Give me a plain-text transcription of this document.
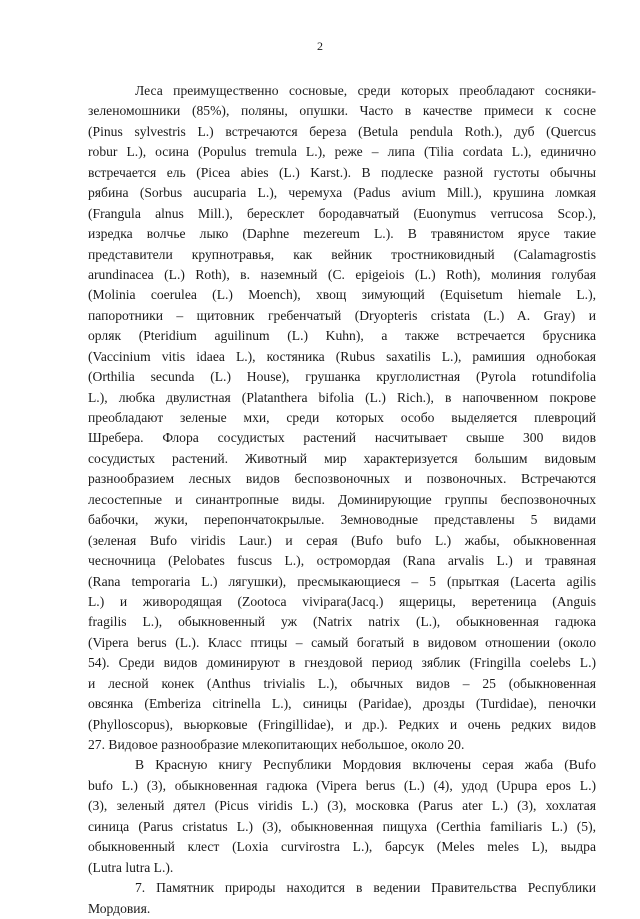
2
Леса преимущественно сосновые, среди которых преобладают сосняки-
зеленомошники (85%), поляны, опушки. Часто в качестве примеси к сосне
(Pinus sylvestris L.) встречаются береза (Betula pendula Roth.), дуб (Quercus
robur L.), осина (Populus tremula L.), реже – липа (Tilia cordata L.), единично
встречается ель (Picea abies (L.) Karst.). В подлеске разной густоты обычны
рябина (Sorbus aucuparia L.), черемуха (Padus avium Mill.), крушина ломкая
(Frangula alnus Mill.), бересклет бородавчатый (Euonymus verrucosa Scop.),
изредка волчье лыко (Daphne mezereum L.). В травянистом ярусе такие
представители крупнотравья, как вейник тростниковидный (Calamagrostis
arundinacea (L.) Roth), в. наземный (C. epigeiois (L.) Roth), молиния голубая
(Molinia coerulea (L.) Moench), хвощ зимующий (Equisetum hiemale L.),
папоротники – щитовник гребенчатый (Dryopteris cristata (L.) A. Gray) и
орляк (Pteridium aguilinum (L.) Kuhn), а также встречается брусника
(Vaccinium vitis idaea L.), костяника (Rubus saxatilis L.), рамишия однобокая
(Orthilia secunda (L.) House), грушанка круглолистная (Pyrola rotundifolia
L.), любка двулистная (Platanthera bifolia (L.) Rich.), в напочвенном покрове
преобладают зеленые мхи, среди которых особо выделяется плевроций
Шребера. Флора сосудистых растений насчитывает свыше 300 видов
сосудистых растений. Животный мир характеризуется большим видовым
разнообразием лесных видов беспозвоночных и позвоночных. Встречаются
лесостепные и синантропные виды. Доминирующие группы беспозвоночных
бабочки, жуки, перепончатокрылые. Земноводные представлены 5 видами
(зеленая Bufo viridis Laur.) и серая (Bufo bufo L.) жабы, обыкновенная
чесночница (Pelobates fuscus L.), остромордая (Rana arvalis L.) и травяная
(Rana temporaria L.) лягушки), пресмыкающиеся – 5 (прыткая (Lacerta agilis
L.) и живородящая (Zootoca vivipara(Jacq.) ящерицы, веретеница (Anguis
fragilis L.), обыкновенный уж (Natrix natrix (L.), обыкновенная гадюка
(Vipera berus (L.). Класс птицы – самый богатый в видовом отношении (около
54). Среди видов доминируют в гнездовой период зяблик (Fringilla coelebs L.)
и лесной конек (Anthus trivialis L.), обычных видов – 25 (обыкновенная
овсянка (Emberiza citrinella L.), синицы (Paridae), дрозды (Turdidae), пеночки
(Phylloscopus), вьюрковые (Fringillidae), и др.). Редких и очень редких видов
27. Видовое разнообразие млекопитающих небольшое, около 20.
В Красную книгу Республики Мордовия включены серая жаба (Bufo
bufo L.) (3), обыкновенная гадюка (Vipera berus (L.) (4), удод (Upupa epos L.)
(3), зеленый дятел (Picus viridis L.) (3), московка (Parus ater L.) (3), хохлатая
синица (Parus cristatus L.) (3), обыкновенная пищуха (Certhia familiaris L.) (5),
обыкновенный клест (Loxia curvirostra L.), барсук (Meles meles L), выдра
(Lutra lutra L.).
7. Памятник природы находится в ведении Правительства Республики
Мордовия.
